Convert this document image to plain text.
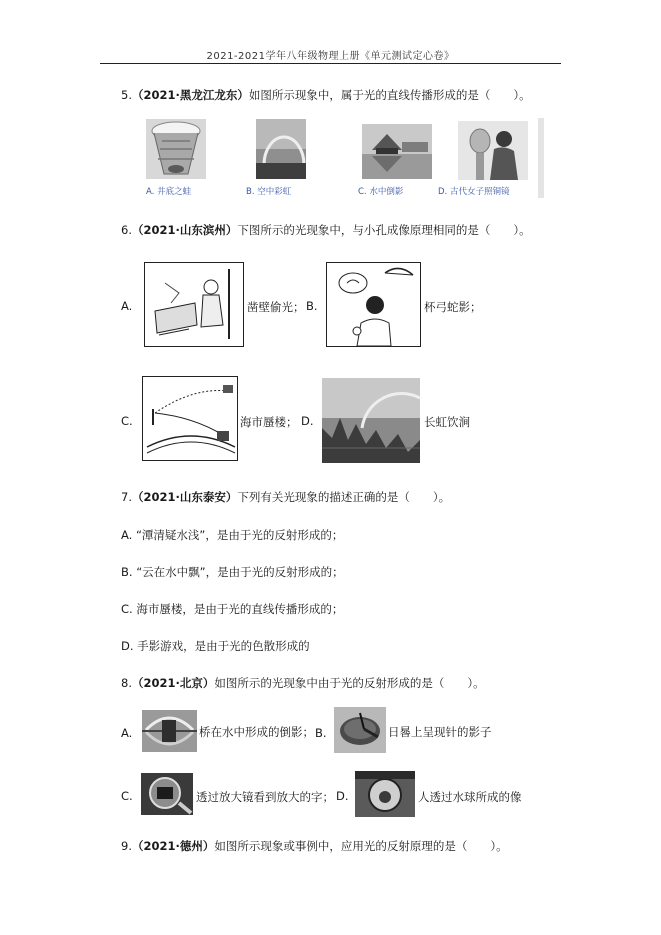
2021-2021学年八年级物理上册《单元测试定心卷》
5.（2021·黑龙江龙东）如图所示现象中，属于光的直线传播形成的是（　　）。
A. 井底之蛙	B. 空中彩虹	C. 水中倒影	D. 古代女子照铜镜
6.（2021·山东滨州）下图所示的光现象中，与小孔成像原理相同的是（　　）。
A.	凿壁偷光； B.	杯弓蛇影；
C.	海市蜃楼； D.	长虹饮涧
7.（2021·山东泰安）下列有关光现象的描述正确的是（　　）。
A. “潭清疑水浅”，是由于光的反射形成的；
B. “云在水中飘”，是由于光的反射形成的；
C. 海市蜃楼，是由于光的直线传播形成的；
D. 手影游戏，是由于光的色散形成的
8.（2021·北京）如图所示的光现象中由于光的反射形成的是（　　）。
A.	桥在水中形成的倒影； B.	日晷上呈现针的影子
C.	透过放大镜看到放大的字； D.	人透过水球所成的像
9.（2021·德州）如图所示现象或事例中，应用光的反射原理的是（　　）。
